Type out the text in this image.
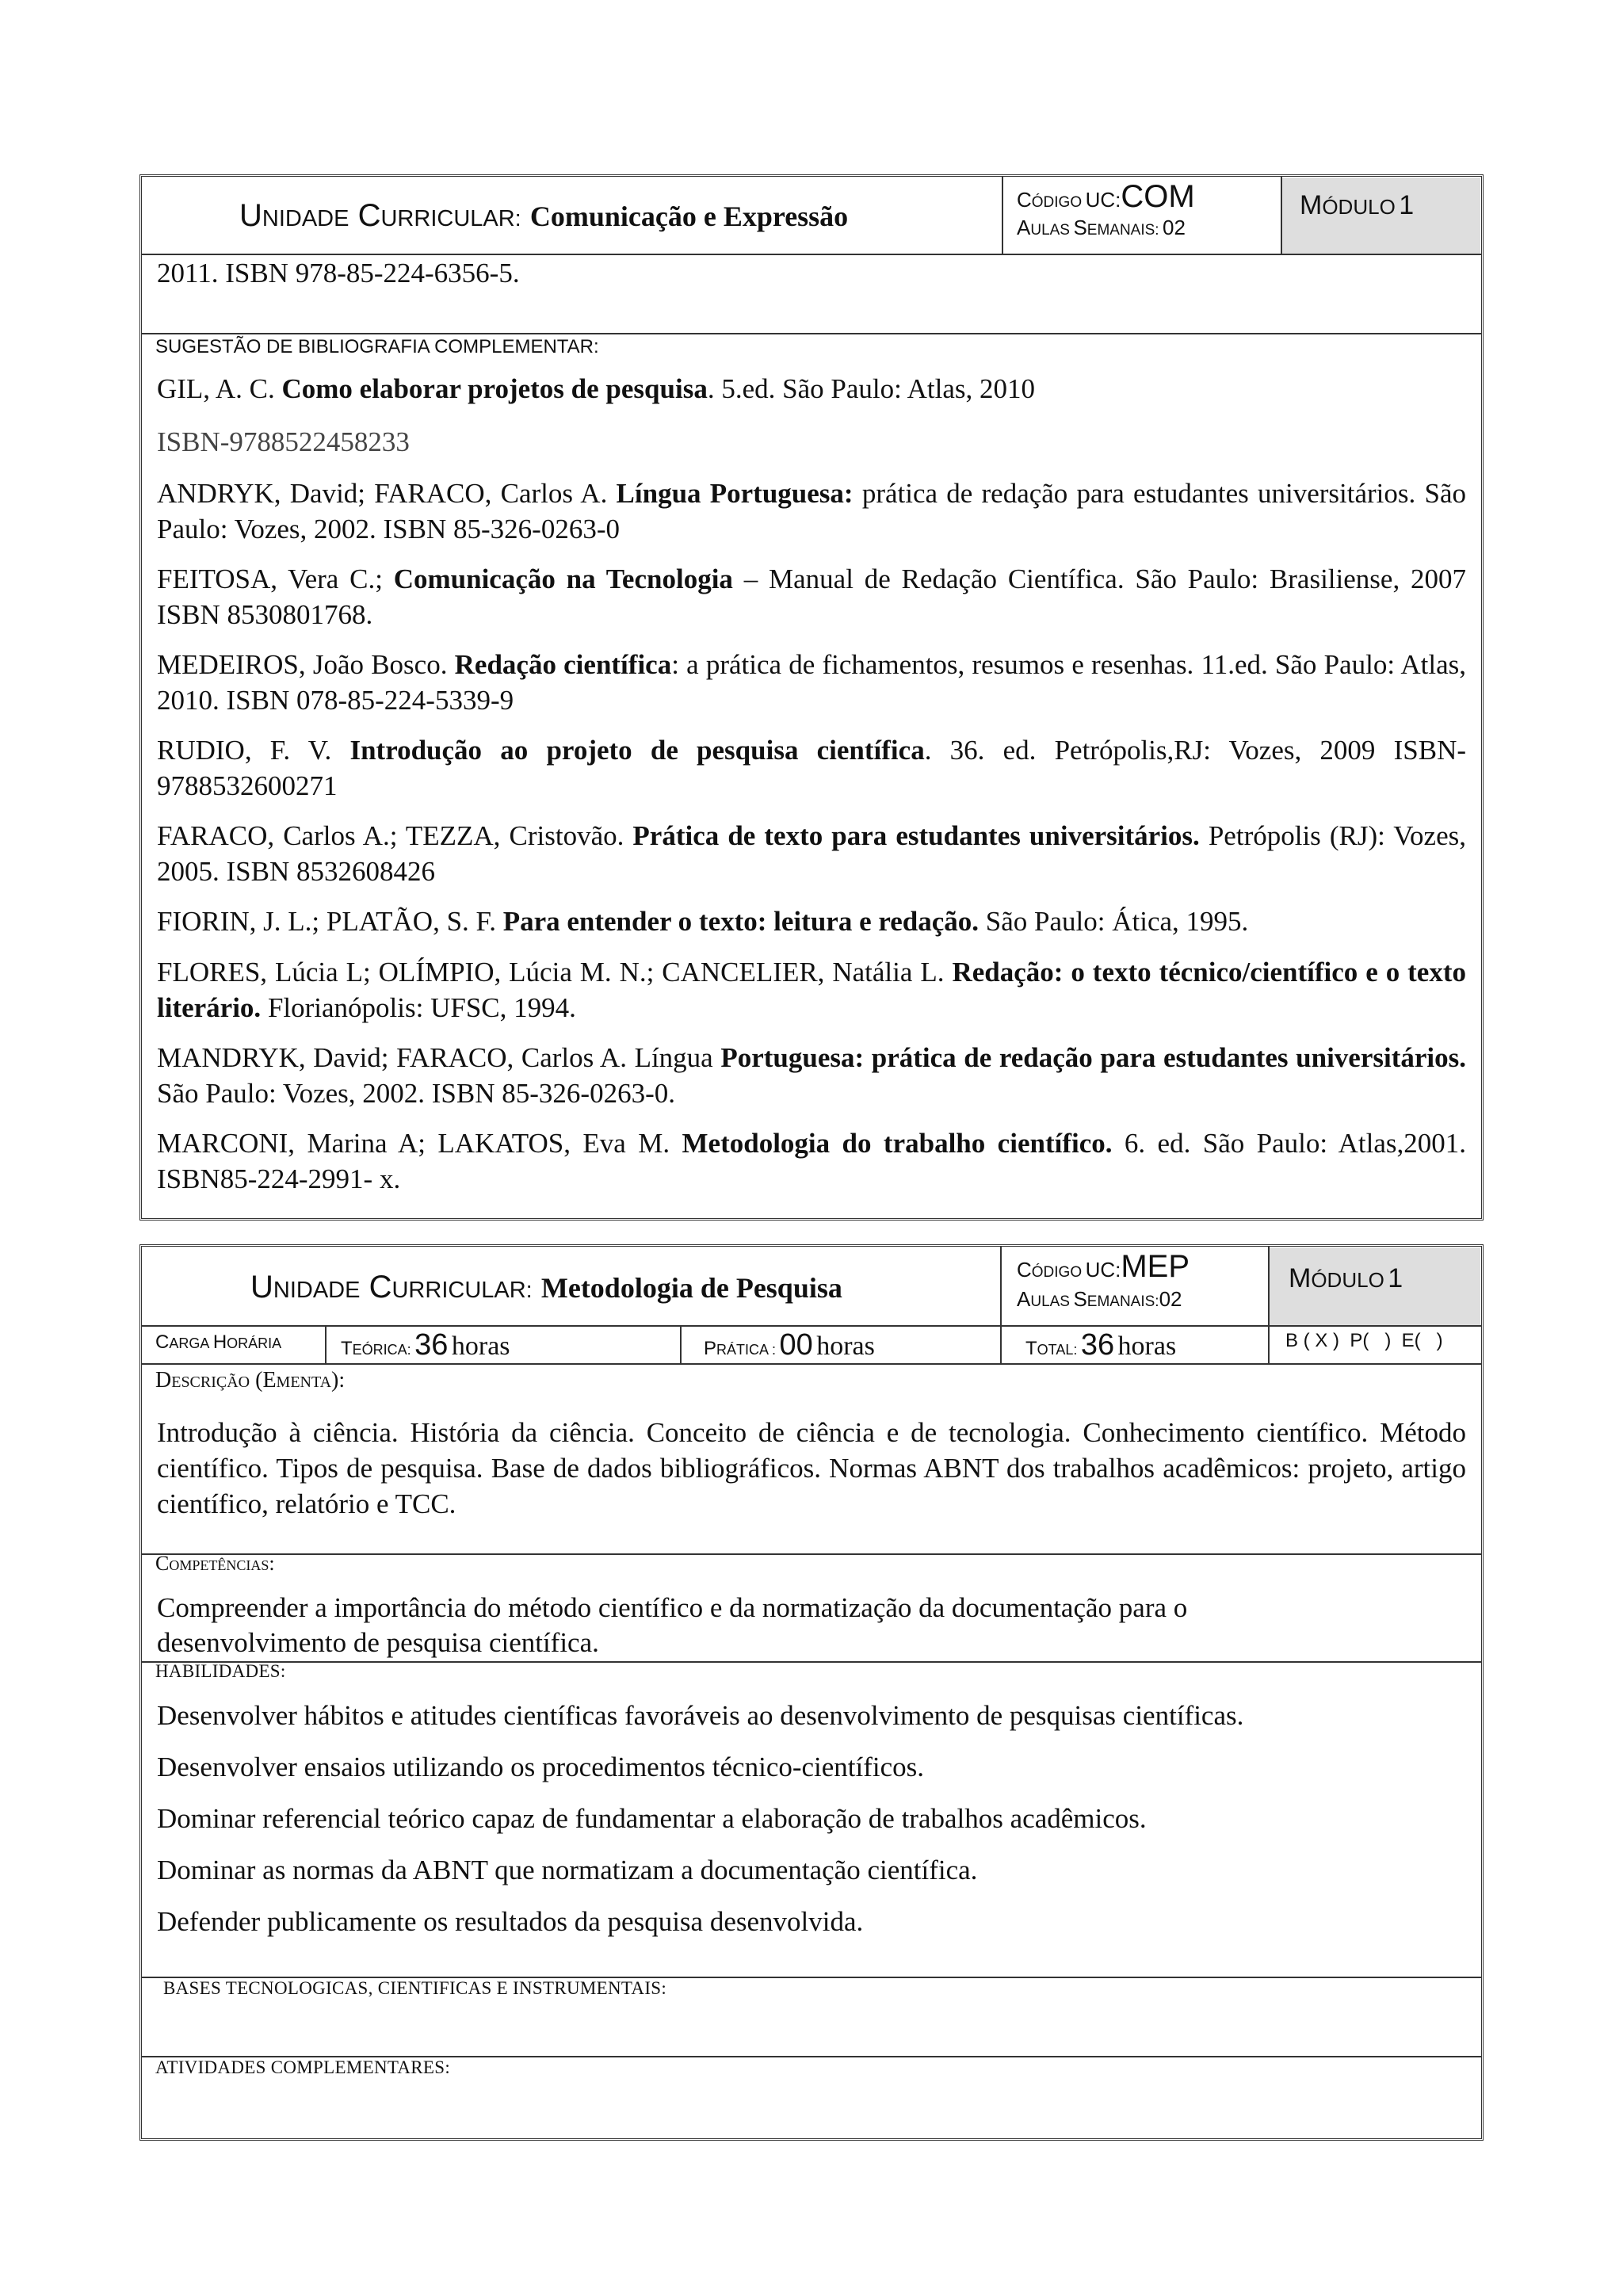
UNIDADE CURRICULAR: Comunicação e Expressão
CÓDIGO UC:COM
AULAS SEMANAIS: 02
MÓDULO 1
2011. ISBN 978-85-224-6356-5.
SUGESTÃO DE BIBLIOGRAFIA COMPLEMENTAR:
GIL, A. C. Como elaborar projetos de pesquisa. 5.ed. São Paulo: Atlas, 2010
ISBN-9788522458233
ANDRYK, David; FARACO, Carlos A. Língua Portuguesa: prática de redação para estudantes universitários. São Paulo: Vozes, 2002. ISBN 85-326-0263-0
FEITOSA, Vera C.; Comunicação na Tecnologia – Manual de Redação Científica. São Paulo: Brasiliense, 2007 ISBN 8530801768.
MEDEIROS, João Bosco. Redação científica: a prática de fichamentos, resumos e resenhas. 11.ed. São Paulo: Atlas, 2010. ISBN 078-85-224-5339-9
RUDIO, F. V. Introdução ao projeto de pesquisa científica. 36. ed. Petrópolis,RJ: Vozes, 2009 ISBN-9788532600271
FARACO, Carlos A.; TEZZA, Cristovão. Prática de texto para estudantes universitários. Petrópolis (RJ): Vozes, 2005. ISBN 8532608426
FIORIN, J. L.; PLATÃO, S. F. Para entender o texto: leitura e redação. São Paulo: Ática, 1995.
FLORES, Lúcia L; OLÍMPIO, Lúcia M. N.; CANCELIER, Natália L. Redação: o texto técnico/científico e o texto literário. Florianópolis: UFSC, 1994.
MANDRYK, David; FARACO, Carlos A. Língua Portuguesa: prática de redação para estudantes universitários. São Paulo: Vozes, 2002. ISBN 85-326-0263-0.
MARCONI, Marina A; LAKATOS, Eva M. Metodologia do trabalho científico. 6. ed. São Paulo: Atlas,2001. ISBN85-224-2991- x.
UNIDADE CURRICULAR: Metodologia de Pesquisa
CÓDIGO UC:MEP
AULAS SEMANAIS:02
MÓDULO 1
CARGA HORÁRIA	TEÓRICA: 36 horas	PRÁTICA : 00 horas	TOTAL: 36 horas	B ( X )  P(   )  E(   )
Descrição (Ementa):
Introdução à ciência. História da ciência. Conceito de ciência e de tecnologia. Conhecimento científico. Método científico. Tipos de pesquisa. Base de dados bibliográficos. Normas ABNT dos trabalhos acadêmicos: projeto, artigo científico, relatório e TCC.
Competências:
Compreender a importância do método científico e da normatização da documentação para o desenvolvimento de pesquisa científica.
HABILIDADES:
Desenvolver hábitos e atitudes científicas favoráveis ao desenvolvimento de pesquisas científicas.
Desenvolver ensaios utilizando os procedimentos técnico-científicos.
Dominar referencial teórico capaz de fundamentar a elaboração de trabalhos acadêmicos.
Dominar as normas da ABNT que normatizam a documentação científica.
Defender publicamente os resultados da pesquisa desenvolvida.
BASES TECNOLOGICAS, CIENTIFICAS E INSTRUMENTAIS:
ATIVIDADES COMPLEMENTARES:
